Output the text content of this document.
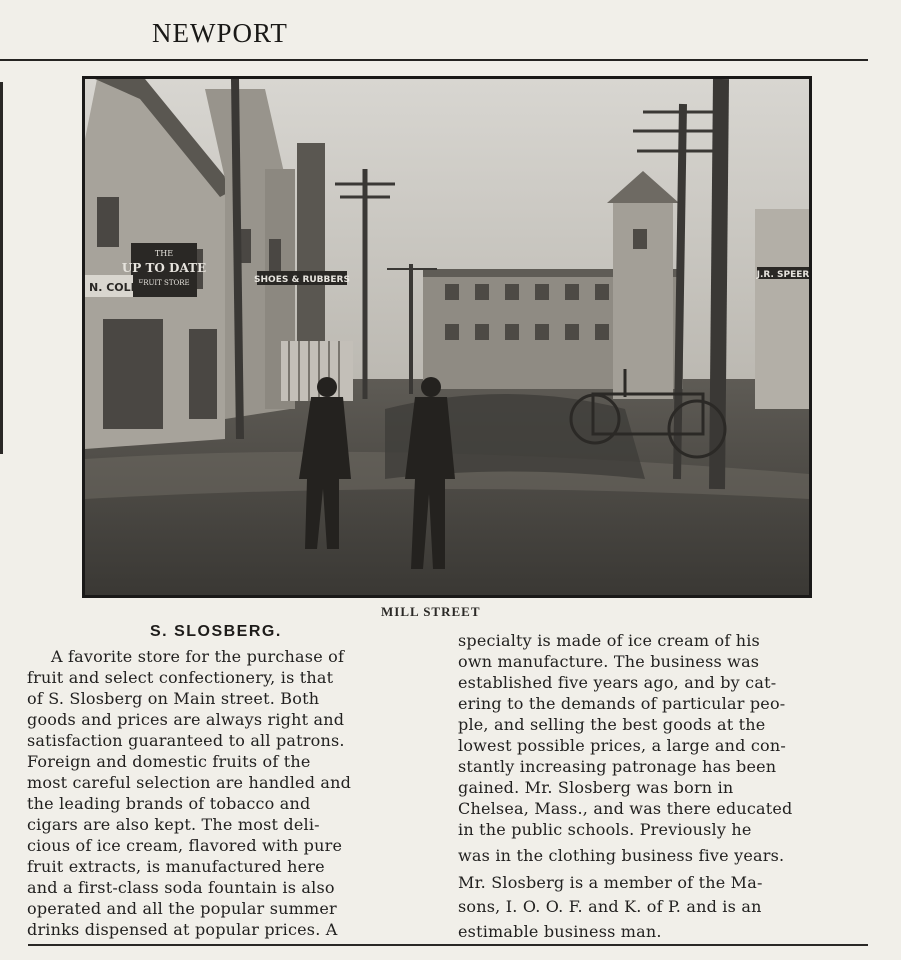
NEWPORT
THE
UP TO DATE
FRUIT STORE
N. COLLE
SHOES & RUBBERS	J.R. SPEER
MILL STREET
S. SLOSBERG.
A favorite store for the purchase of
fruit and select confectionery, is that
of S. Slosberg on Main street. Both
goods and prices are always right and
satisfaction guaranteed to all patrons.
Foreign and domestic fruits of the
most careful selection are handled and
the leading brands of tobacco and
cigars are also kept. The most deli-
cious of ice cream, flavored with pure
fruit extracts, is manufactured here
and a first-class soda fountain is also
operated and all the popular summer
drinks dispensed at popular prices. A
specialty is made of ice cream of his
own manufacture. The business was
established five years ago, and by cat-
ering to the demands of particular peo-
ple, and selling the best goods at the
lowest possible prices, a large and con-
stantly increasing patronage has been
gained. Mr. Slosberg was born in
Chelsea, Mass., and was there educated
in the public schools. Previously he
was in the clothing business five years.
Mr. Slosberg is a member of the Ma-
sons, I. O. O. F. and K. of P. and is an
estimable business man.
